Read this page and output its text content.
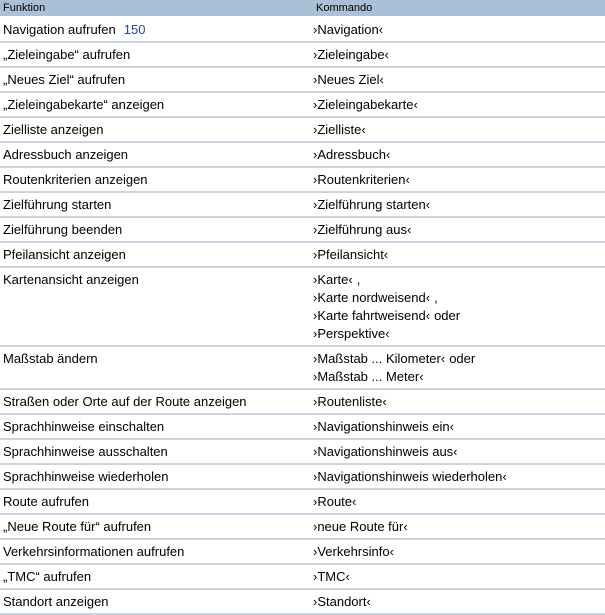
Funktion	Kommando
Navigation aufrufen 150	›Navigation‹
„Zieleingabe“ aufrufen	›Zieleingabe‹
„Neues Ziel“ aufrufen	›Neues Ziel‹
„Zieleingabekarte“ anzeigen	›Zieleingabekarte‹
Zielliste anzeigen	›Zielliste‹
Adressbuch anzeigen	›Adressbuch‹
Routenkriterien anzeigen	›Routenkriterien‹
Zielführung starten	›Zielführung starten‹
Zielführung beenden	›Zielführung aus‹
Pfeilansicht anzeigen	›Pfeilansicht‹
Kartenansicht anzeigen	›Karte‹ ,
›Karte nordweisend‹ ,
›Karte fahrtweisend‹ oder
›Perspektive‹
Maßstab ändern	›Maßstab ... Kilometer‹ oder
›Maßstab ... Meter‹
Straßen oder Orte auf der Route anzeigen	›Routenliste‹
Sprachhinweise einschalten	›Navigationshinweis ein‹
Sprachhinweise ausschalten	›Navigationshinweis aus‹
Sprachhinweise wiederholen	›Navigationshinweis wiederholen‹
Route aufrufen	›Route‹
„Neue Route für“ aufrufen	›neue Route für‹
Verkehrsinformationen aufrufen	›Verkehrsinfo‹
„TMC“ aufrufen	›TMC‹
Standort anzeigen	›Standort‹
